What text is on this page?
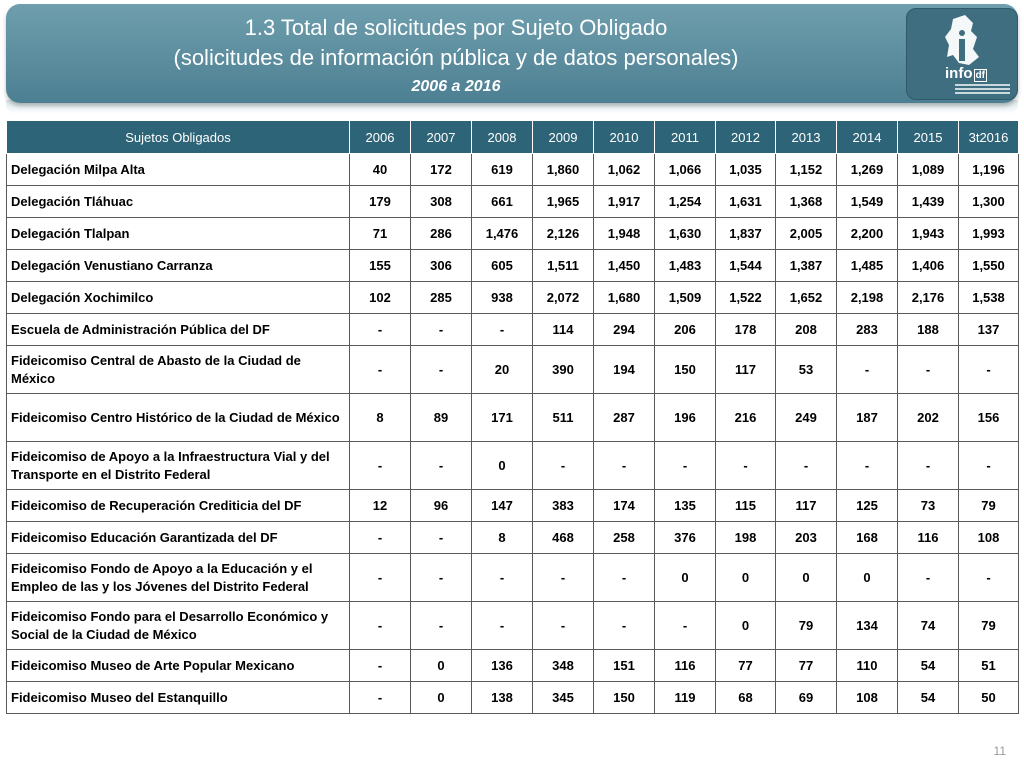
1.3 Total de solicitudes por Sujeto Obligado
(solicitudes de información pública y de datos personales)
2006 a 2016
info df
Sujetos Obligados	2006	2007	2008	2009	2010	2011	2012	2013	2014	2015	3t2016
Delegación Milpa Alta	40	172	619	1,860	1,062	1,066	1,035	1,152	1,269	1,089	1,196
Delegación Tláhuac	179	308	661	1,965	1,917	1,254	1,631	1,368	1,549	1,439	1,300
Delegación Tlalpan	71	286	1,476	2,126	1,948	1,630	1,837	2,005	2,200	1,943	1,993
Delegación Venustiano Carranza	155	306	605	1,511	1,450	1,483	1,544	1,387	1,485	1,406	1,550
Delegación Xochimilco	102	285	938	2,072	1,680	1,509	1,522	1,652	2,198	2,176	1,538
Escuela de Administración Pública del DF	-	-	-	114	294	206	178	208	283	188	137
Fideicomiso Central de Abasto de la Ciudad de México	-	-	20	390	194	150	117	53	-	-	-
Fideicomiso Centro Histórico de la Ciudad de México	8	89	171	511	287	196	216	249	187	202	156
Fideicomiso de Apoyo a la Infraestructura Vial y del Transporte en el Distrito Federal	-	-	0	-	-	-	-	-	-	-	-
Fideicomiso de Recuperación Crediticia del DF	12	96	147	383	174	135	115	117	125	73	79
Fideicomiso Educación Garantizada del DF	-	-	8	468	258	376	198	203	168	116	108
Fideicomiso Fondo de Apoyo a la Educación y el Empleo de las y los Jóvenes del Distrito Federal	-	-	-	-	-	0	0	0	0	-	-
Fideicomiso Fondo para el Desarrollo Económico y Social de la Ciudad de México	-	-	-	-	-	-	0	79	134	74	79
Fideicomiso Museo de Arte Popular Mexicano	-	0	136	348	151	116	77	77	110	54	51
Fideicomiso Museo del Estanquillo	-	0	138	345	150	119	68	69	108	54	50
11
